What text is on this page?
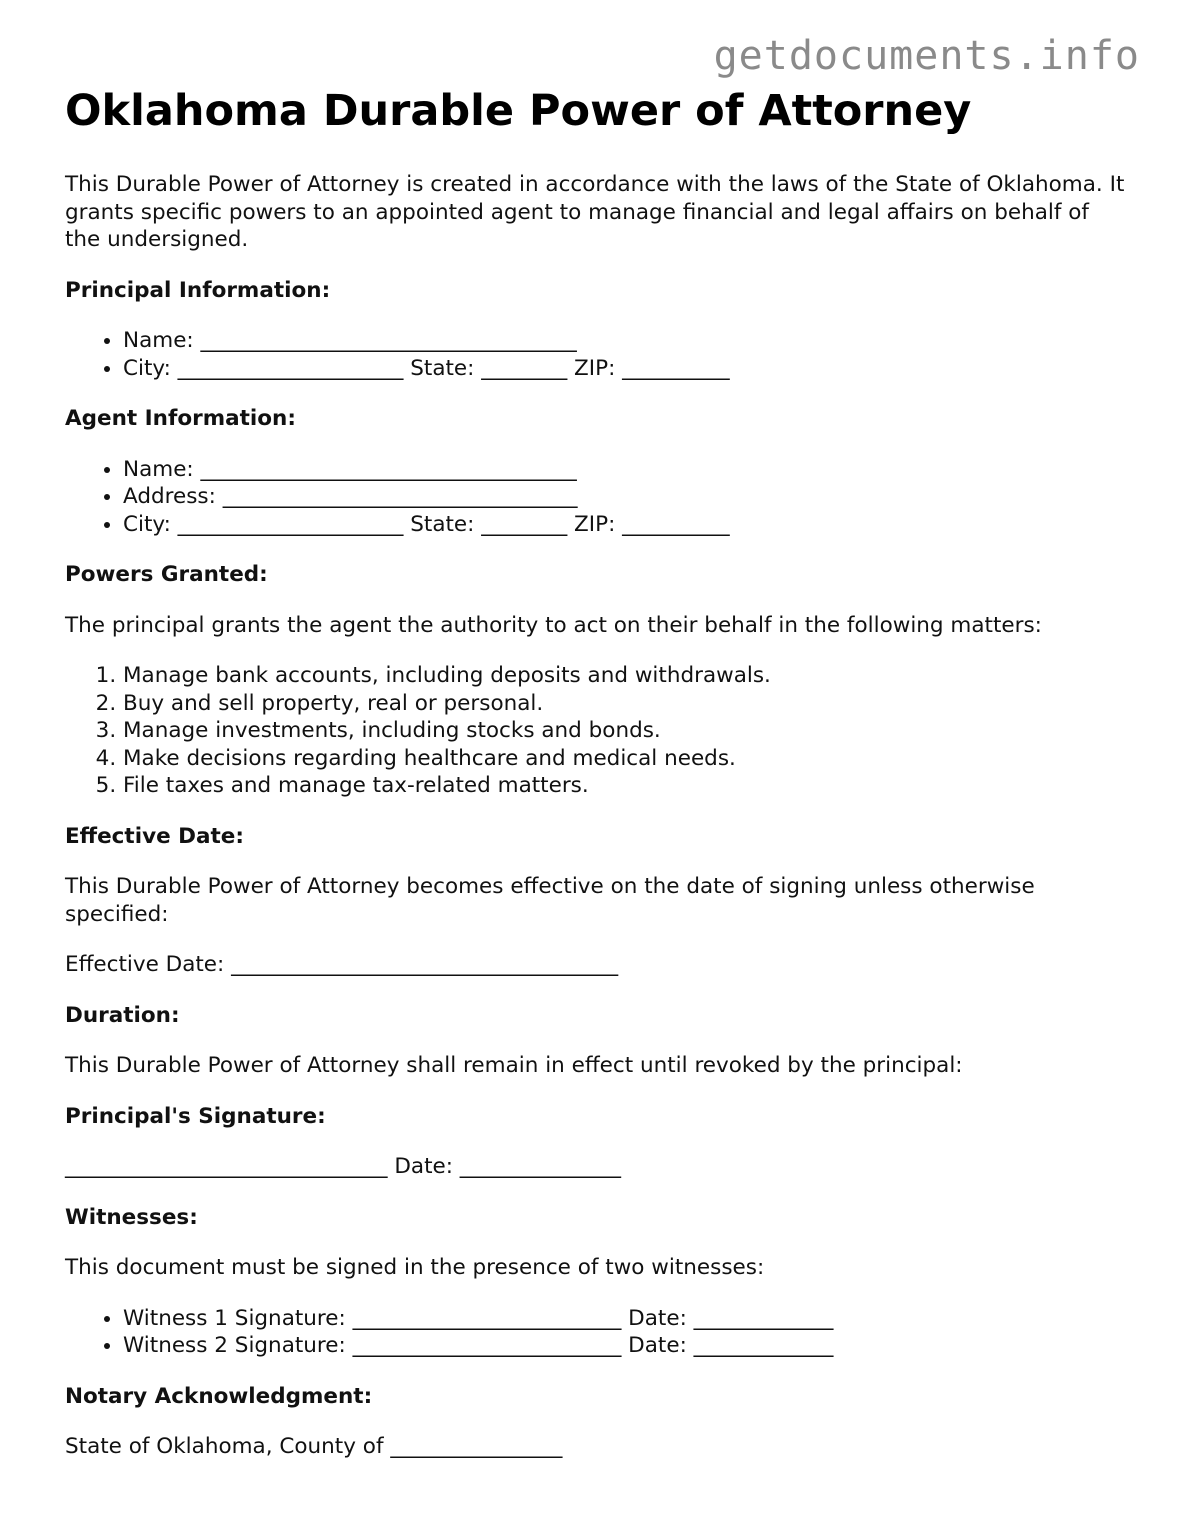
getdocuments.info
Oklahoma Durable Power of Attorney

This Durable Power of Attorney is created in accordance with the laws of the State of Oklahoma. It grants specific powers to an appointed agent to manage financial and legal affairs on behalf of the undersigned.

Principal Information:
• Name: ___________________________________
• City: _____________________ State: ________ ZIP: __________
Agent Information:
• Name: ___________________________________
• Address: _________________________________
• City: _____________________ State: ________ ZIP: __________
Powers Granted:

The principal grants the agent the authority to act on their behalf in the following matters:

1. Manage bank accounts, including deposits and withdrawals.
2. Buy and sell property, real or personal.
3. Manage investments, including stocks and bonds.
4. Make decisions regarding healthcare and medical needs.
5. File taxes and manage tax-related matters.
Effective Date:

This Durable Power of Attorney becomes effective on the date of signing unless otherwise specified:

Effective Date: ____________________________________

Duration:

This Durable Power of Attorney shall remain in effect until revoked by the principal:

Principal's Signature:

______________________________ Date: _______________

Witnesses:

This document must be signed in the presence of two witnesses:

• Witness 1 Signature: _________________________ Date: _____________
• Witness 2 Signature: _________________________ Date: _____________
Notary Acknowledgment:

State of Oklahoma, County of ________________
